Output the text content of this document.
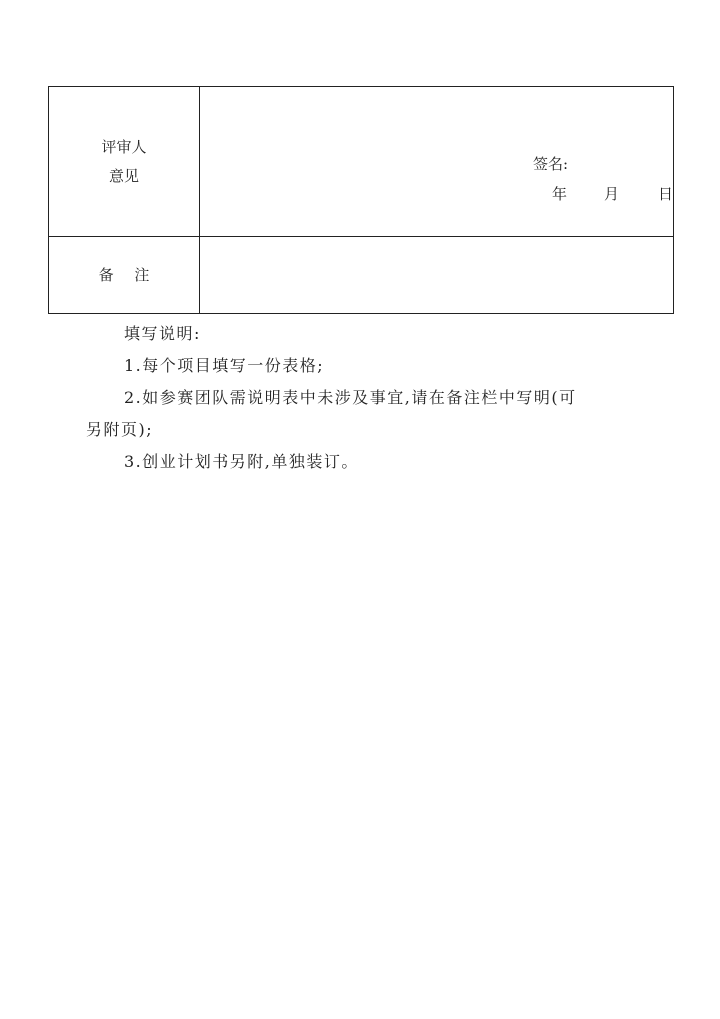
评审人
意见	签名:
年 月 日

备 注	

填写说明:

1.每个项目填写一份表格;

2.如参赛团队需说明表中未涉及事宜,请在备注栏中写明(可

另附页);

3.创业计划书另附,单独装订。
